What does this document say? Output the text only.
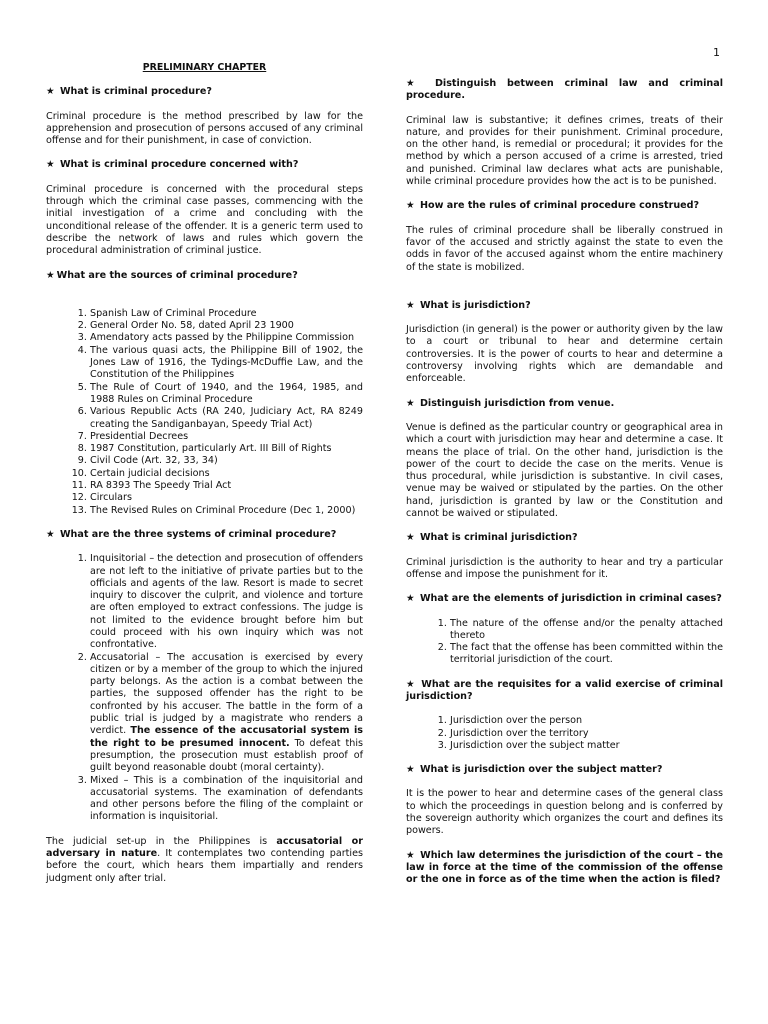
1
PRELIMINARY CHAPTER
★ What is criminal procedure?

Criminal procedure is the method prescribed by law for the apprehension and prosecution of persons accused of any criminal offense and for their punishment, in case of conviction.

★ What is criminal procedure concerned with?

Criminal procedure is concerned with the procedural steps through which the criminal case passes, commencing with the initial investigation of a crime and concluding with the unconditional release of the offender. It is a generic term used to describe the network of laws and rules which govern the procedural administration of criminal justice.

★ What are the sources of criminal procedure?
1. Spanish Law of Criminal Procedure
2. General Order No. 58, dated April 23 1900
3. Amendatory acts passed by the Philippine Commission
4. The various quasi acts, the Philippine Bill of 1902, the Jones Law of 1916, the Tydings-McDuffie Law, and the Constitution of the Philippines
5. The Rule of Court of 1940, and the 1964, 1985, and 1988 Rules on Criminal Procedure
6. Various Republic Acts (RA 240, Judiciary Act, RA 8249 creating the Sandiganbayan, Speedy Trial Act)
7. Presidential Decrees
8. 1987 Constitution, particularly Art. III Bill of Rights
9. Civil Code (Art. 32, 33, 34)
10. Certain judicial decisions
11. RA 8393 The Speedy Trial Act
12. Circulars
13. The Revised Rules on Criminal Procedure (Dec 1, 2000)
★ What are the three systems of criminal procedure?
1. Inquisitorial – the detection and prosecution of offenders are not left to the initiative of private parties but to the officials and agents of the law. Resort is made to secret inquiry to discover the culprit, and violence and torture are often employed to extract confessions. The judge is not limited to the evidence brought before him but could proceed with his own inquiry which was not confrontative.
2. Accusatorial – The accusation is exercised by every citizen or by a member of the group to which the injured party belongs. As the action is a combat between the parties, the supposed offender has the right to be confronted by his accuser. The battle in the form of a public trial is judged by a magistrate who renders a verdict. The essence of the accusatorial system is the right to be presumed innocent. To defeat this presumption, the prosecution must establish proof of guilt beyond reasonable doubt (moral certainty).
3. Mixed – This is a combination of the inquisitorial and accusatorial systems. The examination of defendants and other persons before the filing of the complaint or information is inquisitorial.

The judicial set-up in the Philippines is accusatorial or adversary in nature. It contemplates two contending parties before the court, which hears them impartially and renders judgment only after trial.

★ Distinguish between criminal law and criminal procedure.

Criminal law is substantive; it defines crimes, treats of their nature, and provides for their punishment. Criminal procedure, on the other hand, is remedial or procedural; it provides for the method by which a person accused of a crime is arrested, tried and punished. Criminal law declares what acts are punishable, while criminal procedure provides how the act is to be punished.

★ How are the rules of criminal procedure construed?

The rules of criminal procedure shall be liberally construed in favor of the accused and strictly against the state to even the odds in favor of the accused against whom the entire machinery of the state is mobilized.

★ What is jurisdiction?

Jurisdiction (in general) is the power or authority given by the law to a court or tribunal to hear and determine certain controversies. It is the power of courts to hear and determine a controversy involving rights which are demandable and enforceable.

★ Distinguish jurisdiction from venue.

Venue is defined as the particular country or geographical area in which a court with jurisdiction may hear and determine a case. It means the place of trial. On the other hand, jurisdiction is the power of the court to decide the case on the merits. Venue is thus procedural, while jurisdiction is substantive. In civil cases, venue may be waived or stipulated by the parties. On the other hand, jurisdiction is granted by law or the Constitution and cannot be waived or stipulated.

★ What is criminal jurisdiction?

Criminal jurisdiction is the authority to hear and try a particular offense and impose the punishment for it.

★ What are the elements of jurisdiction in criminal cases?
1. The nature of the offense and/or the penalty attached thereto
2. The fact that the offense has been committed within the territorial jurisdiction of the court.
★ What are the requisites for a valid exercise of criminal jurisdiction?
1. Jurisdiction over the person
2. Jurisdiction over the territory
3. Jurisdiction over the subject matter
★ What is jurisdiction over the subject matter?

It is the power to hear and determine cases of the general class to which the proceedings in question belong and is conferred by the sovereign authority which organizes the court and defines its powers.

★ Which law determines the jurisdiction of the court – the law in force at the time of the commission of the offense or the one in force as of the time when the action is filed?
